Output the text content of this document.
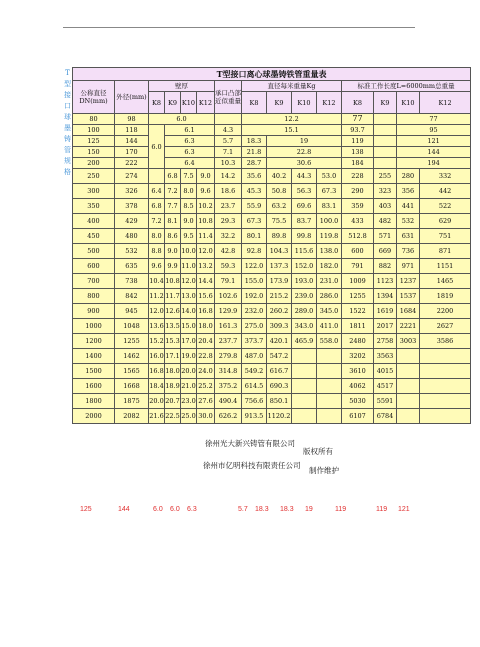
T
型
接
口
球
墨
铸
管
规
格
T型接口离心球墨铸铁管重量表														
公称直径DN(mm)	外径(mm)	壁厚				承口凸部近似重量	直径每米重量Kg				标准工作长度L=6000mm总重量			
		K8	K9	K10	K12		K8	K9	K10	K12	K8	K9	K10	K12
80	98	6.0					12.2				77		77	
100	118	6.0	6.1			4.3	15.1				93.7		95	
125	144		6.3			5.7	18.3	19			119		121	
150	170		6.3			7.1	21.8	22.8			138		144	
200	222		6.4			10.3	28.7	30.6			184		194	
250	274		6.8	7.5	9.0	14.2	35.6	40.2	44.3	53.0	228	255	280	332
300	326	6.4	7.2	8.0	9.6	18.6	45.3	50.8	56.3	67.3	290	323	356	442
350	378	6.8	7.7	8.5	10.2	23.7	55.9	63.2	69.6	83.1	359	403	441	522
400	429	7.2	8.1	9.0	10.8	29.3	67.3	75.5	83.7	100.0	433	482	532	629
450	480	8.0	8.6	9.5	11.4	32.2	80.1	89.8	99.8	119.8	512.8	571	631	751
500	532	8.8	9.0	10.0	12.0	42.8	92.8	104.3	115.6	138.0	600	669	736	871
600	635	9.6	9.9	11.0	13.2	59.3	122.0	137.3	152.0	182.0	791	882	971	1151
700	738	10.4	10.8	12.0	14.4	79.1	155.0	173.9	193.0	231.0	1009	1123	1237	1465
800	842	11.2	11.7	13.0	15.6	102.6	192.0	215.2	239.0	286.0	1255	1394	1537	1819
900	945	12.0	12.6	14.0	16.8	129.9	232.0	260.2	289.0	345.0	1522	1619	1684	2200
1000	1048	13.6	13.5	15.0	18.0	161.3	275.0	309.3	343.0	411.0	1811	2017	2221	2627
1200	1255	15.2	15.3	17.0	20.4	237.7	373.7	420.1	465.9	558.0	2480	2758	3003	3586
1400	1462	16.0	17.1	19.0	22.8	279.8	487.0	547.2			3202	3563		
1500	1565	16.8	18.0	20.0	24.0	314.8	549.2	616.7			3610	4015		
1600	1668	18.4	18.9	21.0	25.2	375.2	614.5	690.3			4062	4517		
1800	1875	20.0	20.7	23.0	27.6	490.4	756.6	850.1			5030	5591		
2000	2082	21.6	22.5	25.0	30.0	626.2	913.5	1120.2			6107	6784		
徐州光大新兴铸管有限公司
版权所有
徐州市亿明科技有限责任公司
制作维护
125	144	6.0 6.0 6.3	5.7 18.3 18.3 19	119	119 121
